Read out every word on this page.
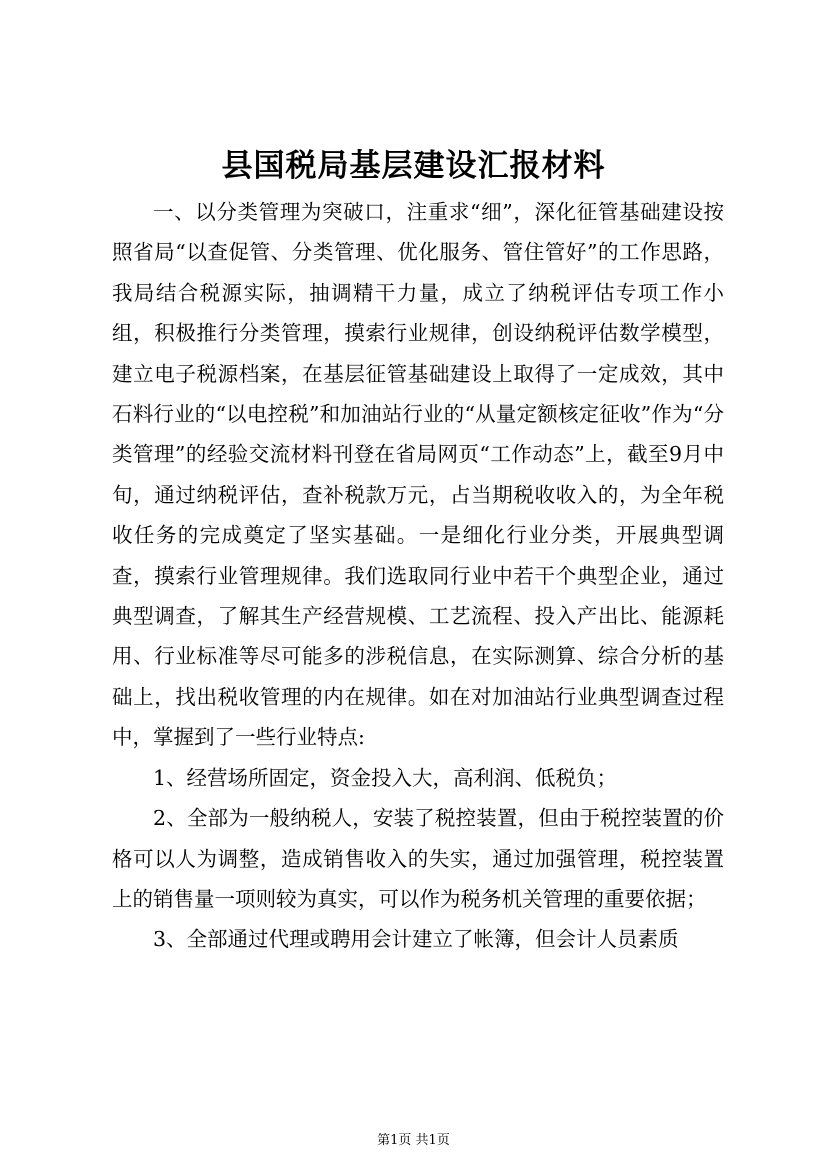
县国税局基层建设汇报材料

一、以分类管理为突破口，注重求“细”，深化征管基础建设按照省局“以查促管、分类管理、优化服务、管住管好”的工作思路，我局结合税源实际，抽调精干力量，成立了纳税评估专项工作小组，积极推行分类管理，摸索行业规律，创设纳税评估数学模型，建立电子税源档案，在基层征管基础建设上取得了一定成效，其中石料行业的“以电控税”和加油站行业的“从量定额核定征收”作为“分类管理”的经验交流材料刊登在省局网页“工作动态”上，截至9月中旬，通过纳税评估，查补税款万元，占当期税收收入的，为全年税收任务的完成奠定了坚实基础。一是细化行业分类，开展典型调查，摸索行业管理规律。我们选取同行业中若干个典型企业，通过典型调查，了解其生产经营规模、工艺流程、投入产出比、能源耗用、行业标准等尽可能多的涉税信息，在实际测算、综合分析的基础上，找出税收管理的内在规律。如在对加油站行业典型调查过程中，掌握到了一些行业特点:

1、经营场所固定，资金投入大，高利润、低税负；

2、全部为一般纳税人，安装了税控装置，但由于税控装置的价格可以人为调整，造成销售收入的失实，通过加强管理，税控装置上的销售量一项则较为真实，可以作为税务机关管理的重要依据；

3、全部通过代理或聘用会计建立了帐簿，但会计人员素质

第1页 共1页
